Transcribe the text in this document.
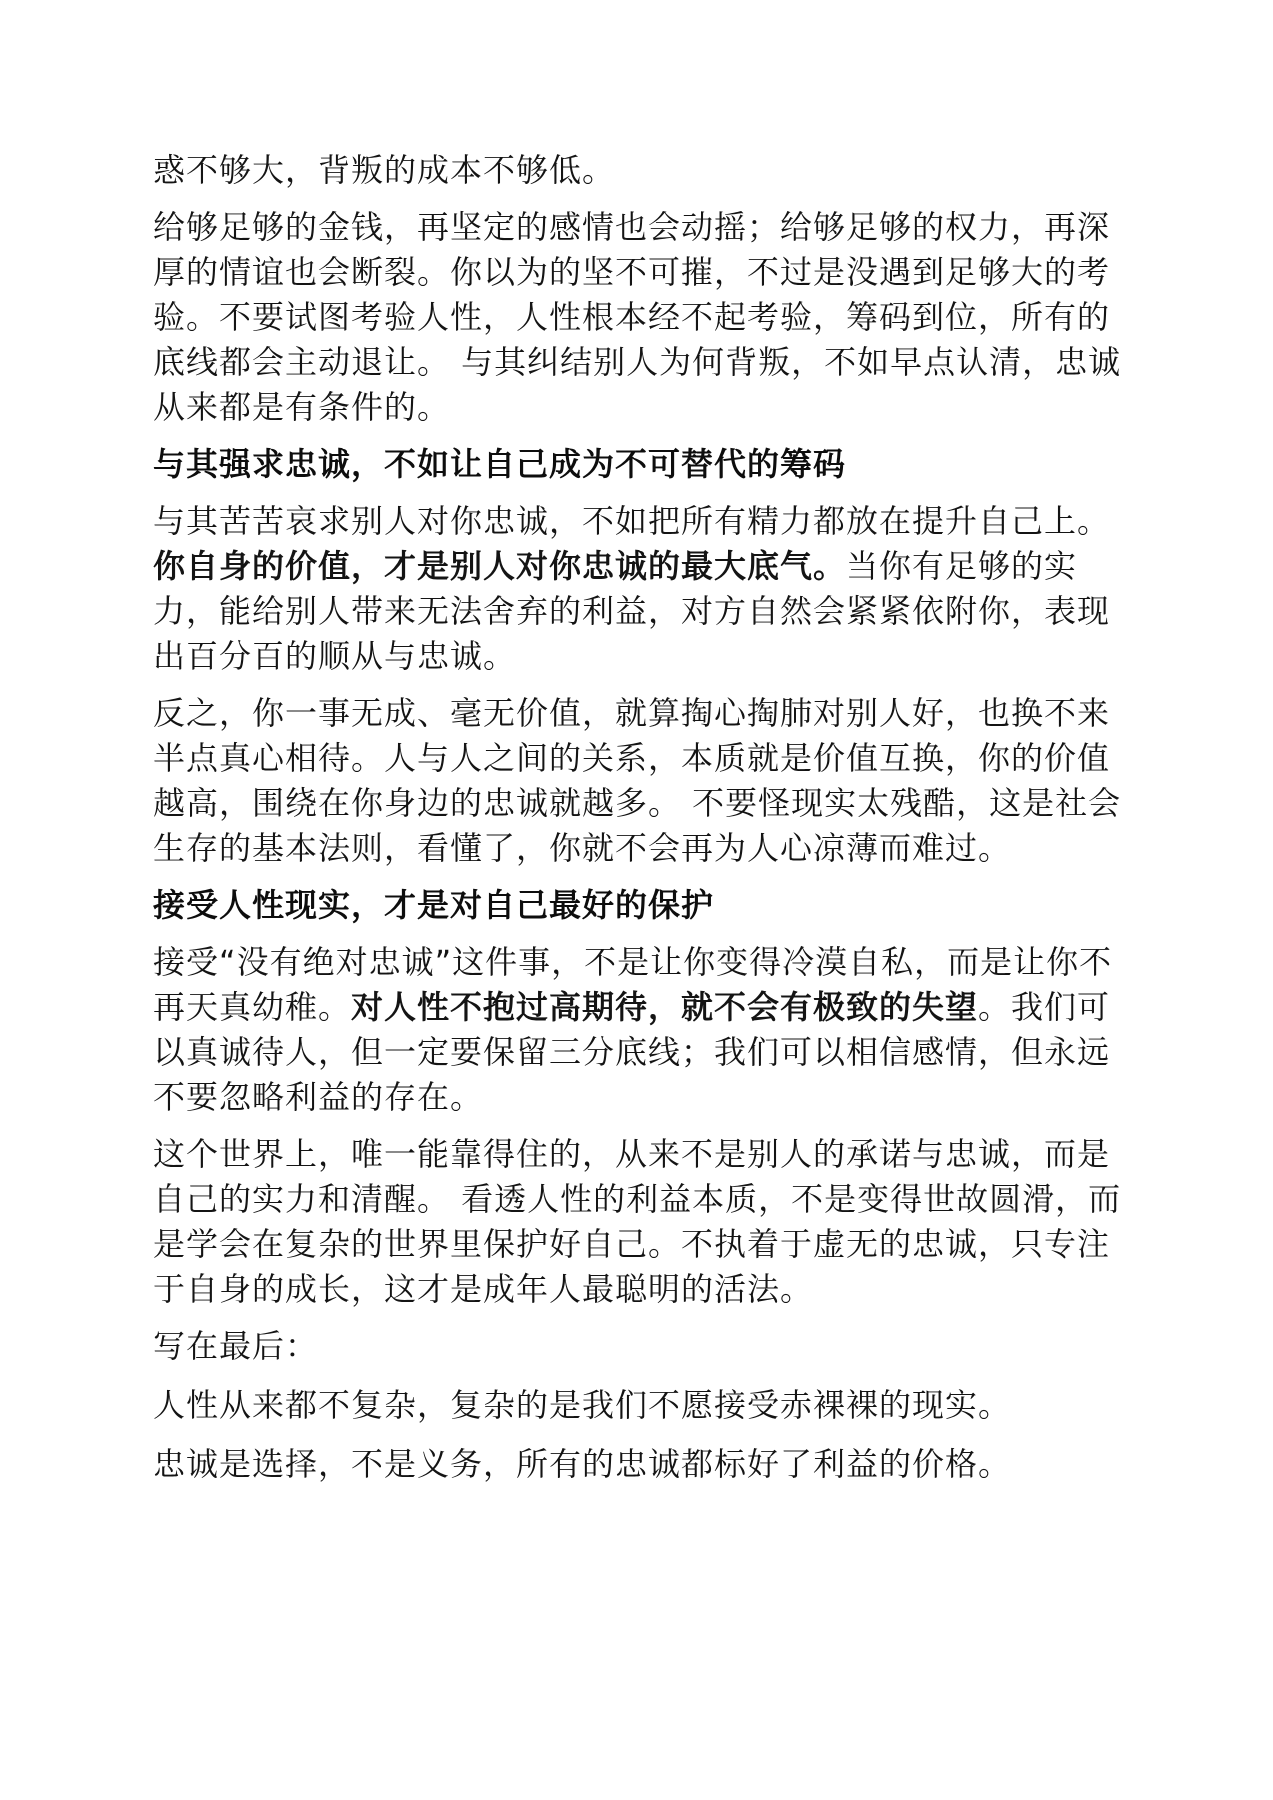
惑不够大，背叛的成本不够低。

给够足够的金钱，再坚定的感情也会动摇；给够足够的权力，再深厚的情谊也会断裂。你以为的坚不可摧，不过是没遇到足够大的考验。不要试图考验人性，人性根本经不起考验，筹码到位，所有的底线都会主动退让。 与其纠结别人为何背叛，不如早点认清，忠诚从来都是有条件的。

与其强求忠诚，不如让自己成为不可替代的筹码

与其苦苦哀求别人对你忠诚，不如把所有精力都放在提升自己上。你自身的价值，才是别人对你忠诚的最大底气。当你有足够的实力，能给别人带来无法舍弃的利益，对方自然会紧紧依附你，表现出百分百的顺从与忠诚。

反之，你一事无成、毫无价值，就算掏心掏肺对别人好，也换不来半点真心相待。人与人之间的关系，本质就是价值互换，你的价值越高，围绕在你身边的忠诚就越多。 不要怪现实太残酷，这是社会生存的基本法则，看懂了，你就不会再为人心凉薄而难过。

接受人性现实，才是对自己最好的保护

接受“没有绝对忠诚”这件事，不是让你变得冷漠自私，而是让你不再天真幼稚。对人性不抱过高期待，就不会有极致的失望。我们可以真诚待人，但一定要保留三分底线；我们可以相信感情，但永远不要忽略利益的存在。

这个世界上，唯一能靠得住的，从来不是别人的承诺与忠诚，而是自己的实力和清醒。 看透人性的利益本质，不是变得世故圆滑，而是学会在复杂的世界里保护好自己。不执着于虚无的忠诚，只专注于自身的成长，这才是成年人最聪明的活法。

写在最后：

人性从来都不复杂，复杂的是我们不愿接受赤裸裸的现实。

忠诚是选择，不是义务，所有的忠诚都标好了利益的价格。
